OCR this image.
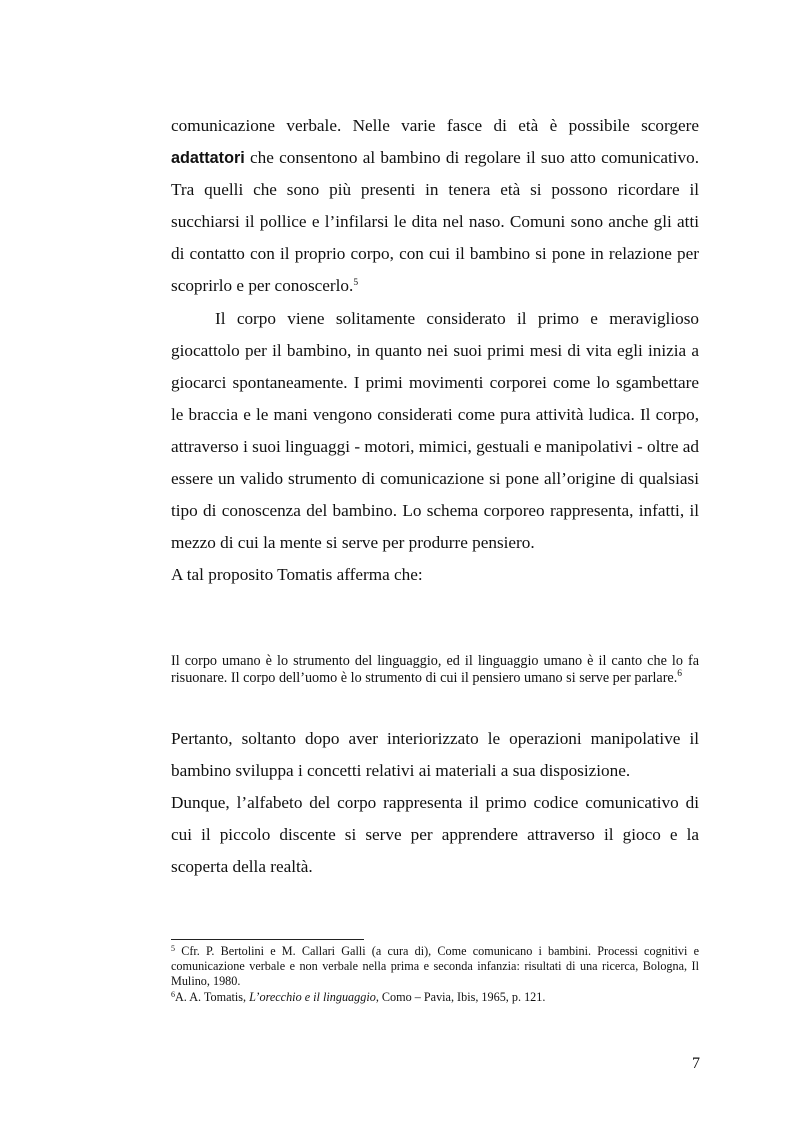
comunicazione verbale. Nelle varie fasce di età è possibile scorgere adattatori che consentono al bambino di regolare il suo atto comunicativo. Tra quelli che sono più presenti in tenera età si possono ricordare il succhiarsi il pollice e l’infilarsi le dita nel naso. Comuni sono anche gli atti di contatto con il proprio corpo, con cui il bambino si pone in relazione per scoprirlo e per conoscerlo.$^5$

Il corpo viene solitamente considerato il primo e meraviglioso giocattolo per il bambino, in quanto nei suoi primi mesi di vita egli inizia a giocarci spontaneamente. I primi movimenti corporei come lo sgambettare le braccia e le mani vengono considerati come pura attività ludica. Il corpo, attraverso i suoi linguaggi - motori, mimici, gestuali e manipolativi - oltre ad essere un valido strumento di comunicazione si pone all’origine di qualsiasi tipo di conoscenza del bambino. Lo schema corporeo rappresenta, infatti, il mezzo di cui la mente si serve per produrre pensiero.

A tal proposito Tomatis afferma che:

Il corpo umano è lo strumento del linguaggio, ed il linguaggio umano è il canto che lo fa risuonare. Il corpo dell’uomo è lo strumento di cui il pensiero umano si serve per parlare.$^6$

Pertanto, soltanto dopo aver interiorizzato le operazioni manipolative il bambino sviluppa i concetti relativi ai materiali a sua disposizione.

Dunque, l’alfabeto del corpo rappresenta il primo codice comunicativo di cui il piccolo discente si serve per apprendere attraverso il gioco e la scoperta della realtà.

$^5$ Cfr. P. Bertolini e M. Callari Galli (a cura di), Come comunicano i bambini. Processi cognitivi e comunicazione verbale e non verbale nella prima e seconda infanzia: risultati di una ricerca, Bologna, Il Mulino, 1980.

$^6$A. A. Tomatis, L’orecchio e il linguaggio, Como – Pavia, Ibis, 1965, p. 121.

7
